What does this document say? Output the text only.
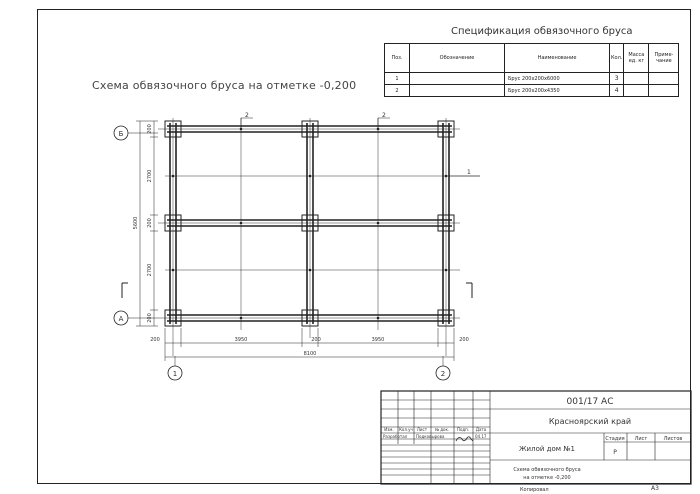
Схема обвязочного бруса на отметке -0,200
Спецификация обвязочного бруса
Поз.	Обозначение	Наименование	Кол.	Масса ед. кг	Приме-чание
1		Брус 200х200х6000	3		
2		Брус 200х200х4350	4		
Б
А
1	2
2	2
1
200
2700
200
2700
200
5600
200	3950	200	3950	200
8100
001/17 АС
Красноярский край
Жилой дом №1
Схема обвязочного бруса
на отметке -0,200
Стадия Лист	Листов
Р
Изм. Кол.уч Лист № док. Подп. Дата
Разработал Подковырова	04.17
Копировал	А3
